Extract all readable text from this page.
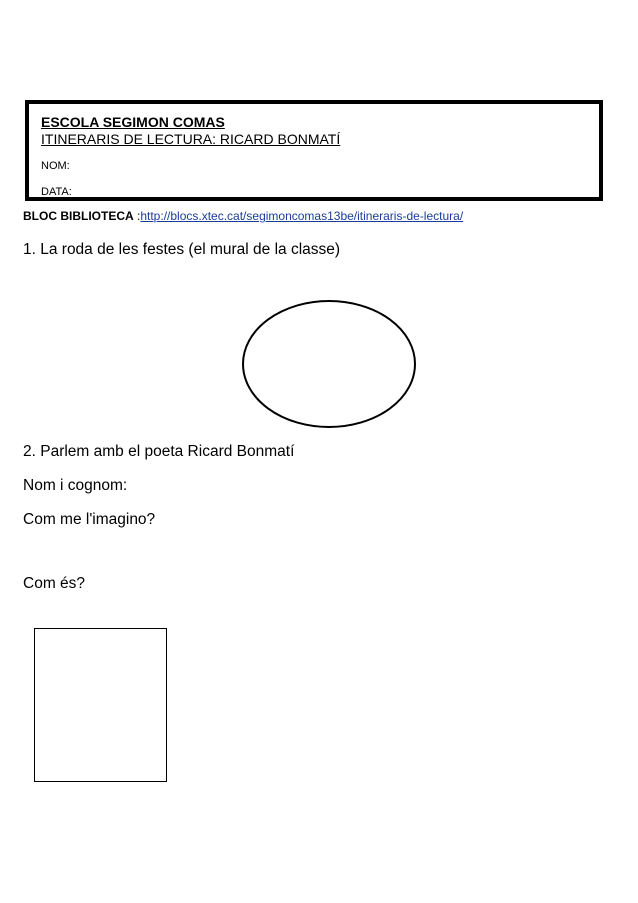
ESCOLA SEGIMON COMAS
ITINERARIS DE LECTURA: RICARD BONMATÍ
NOM:
DATA:
BLOC BIBLIOTECA :http://blocs.xtec.cat/segimoncomas13be/itineraris-de-lectura/
1. La roda de les festes (el mural de la classe)
2. Parlem amb el poeta Ricard Bonmatí
Nom i cognom:
Com me l'imagino?
Com és?
